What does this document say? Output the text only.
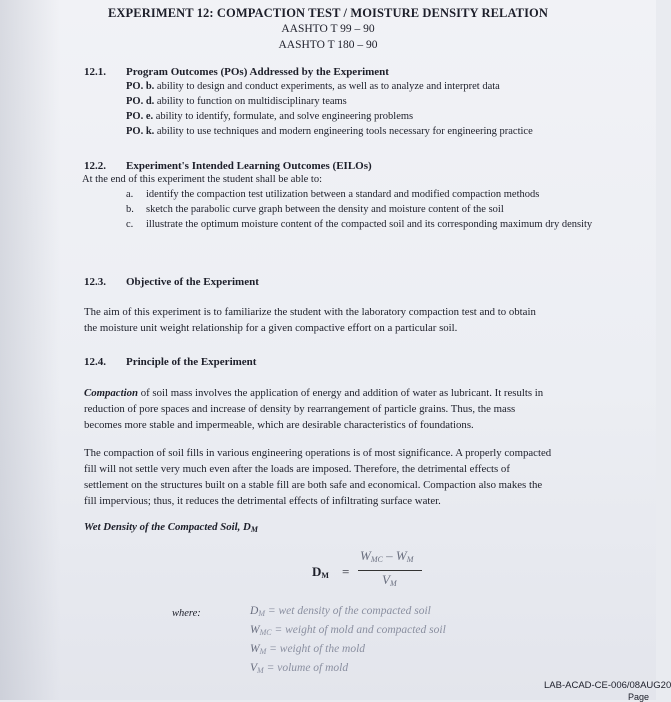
EXPERIMENT 12: COMPACTION TEST / MOISTURE DENSITY RELATION
AASHTO T 99 – 90
AASHTO T 180 – 90
12.1. Program Outcomes (POs) Addressed by the Experiment
PO. b. ability to design and conduct experiments, as well as to analyze and interpret data
PO. d. ability to function on multidisciplinary teams
PO. e. ability to identify, formulate, and solve engineering problems
PO. k. ability to use techniques and modern engineering tools necessary for engineering practice
12.2. Experiment's Intended Learning Outcomes (EILOs)
At the end of this experiment the student shall be able to:
a.	identify the compaction test utilization between a standard and modified compaction methods
b.	sketch the parabolic curve graph between the density and moisture content of the soil
c.	illustrate the optimum moisture content of the compacted soil and its corresponding maximum dry density
12.3. Objective of the Experiment
The aim of this experiment is to familiarize the student with the laboratory compaction test and to obtain
the moisture unit weight relationship for a given compactive effort on a particular soil.
12.4. Principle of the Experiment
Compaction of soil mass involves the application of energy and addition of water as lubricant. It results in
reduction of pore spaces and increase of density by rearrangement of particle grains. Thus, the mass
becomes more stable and impermeable, which are desirable characteristics of foundations.
The compaction of soil fills in various engineering operations is of most significance. A properly compacted
fill will not settle very much even after the loads are imposed. Therefore, the detrimental effects of
settlement on the structures built on a stable fill are both safe and economical. Compaction also makes the
fill impervious; thus, it reduces the detrimental effects of infiltrating surface water.
Wet Density of the Compacted Soil, $D_M$
$D_M$ =
$W_{MC} - W_M$
$V_M$
where:	$D_M$ = wet density of the compacted soil
$W_{MC}$ = weight of mold and compacted soil
$W_M$ = weight of the mold
$V_M$ = volume of mold
LAB-ACAD-CE-006/08AUG20
Page
